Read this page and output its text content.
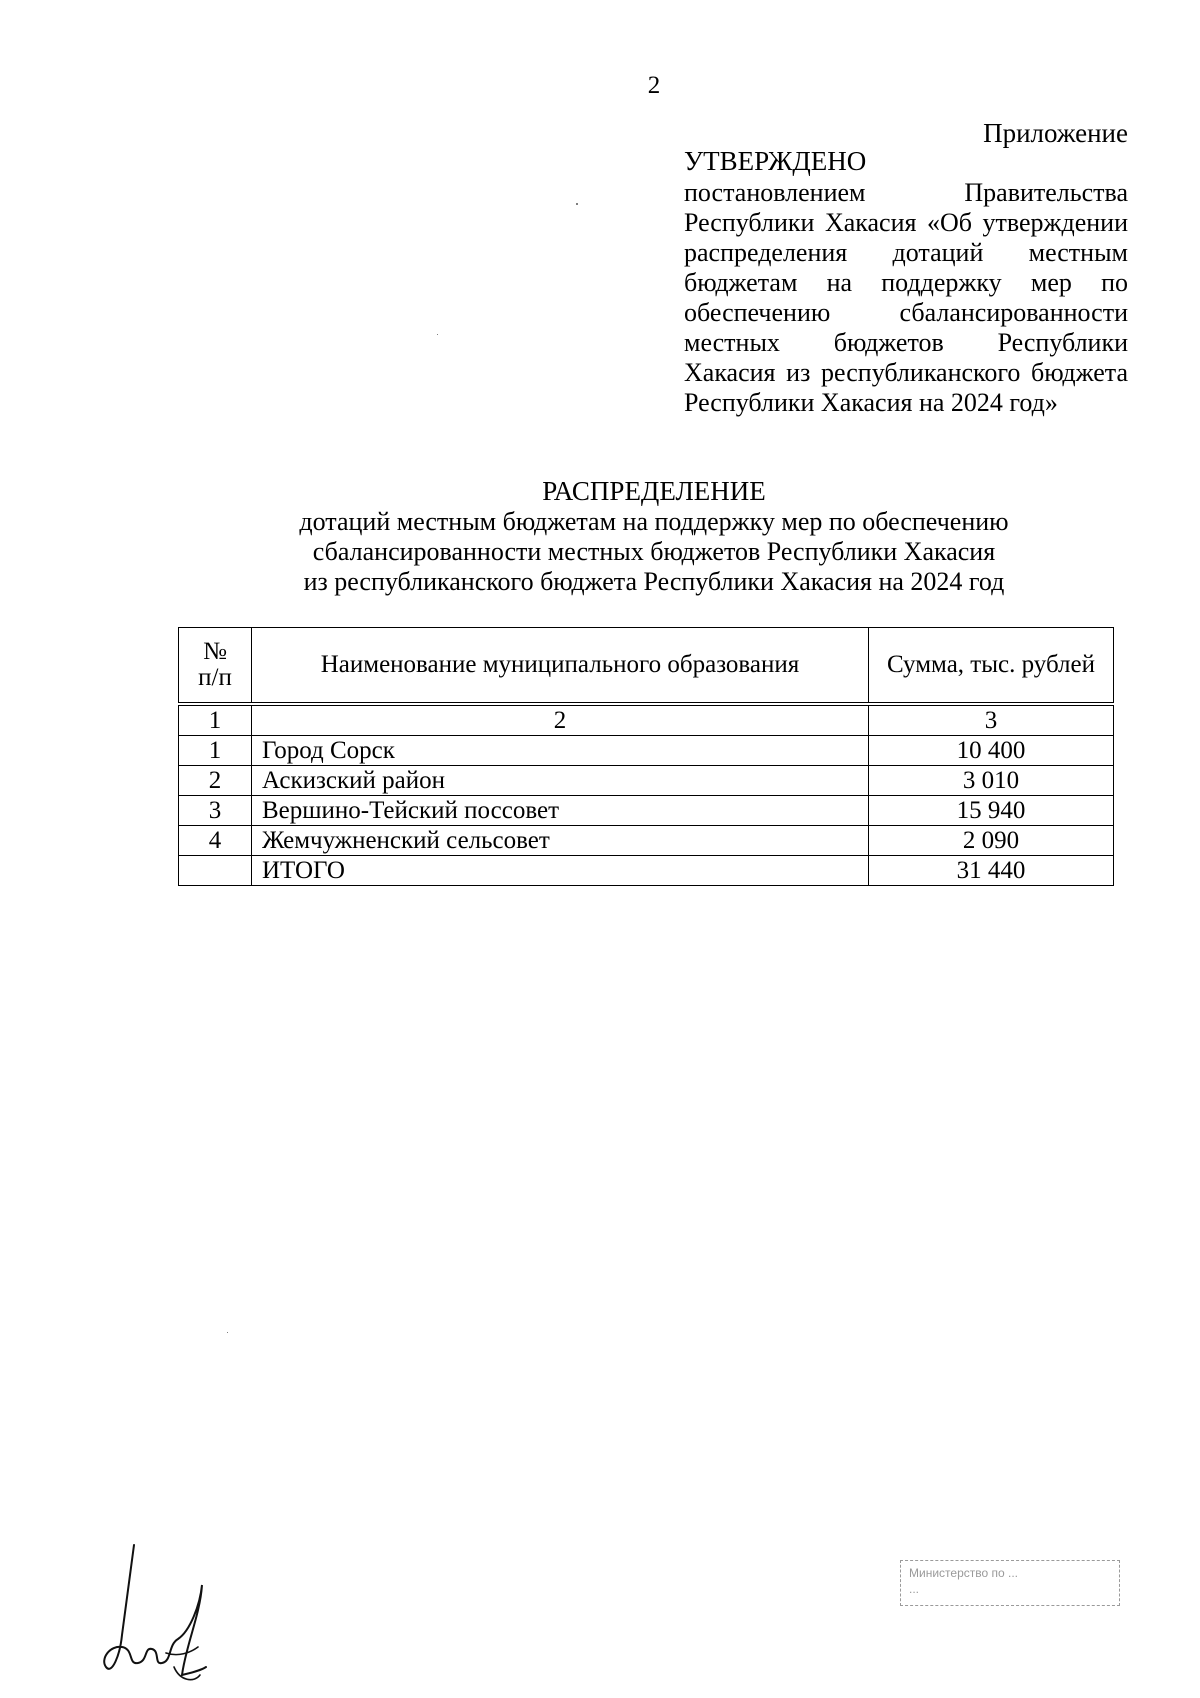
2
Приложение

УТВЕРЖДЕНО

постановлением Правительства Республики Хакасия «Об утверждении распределения дотаций местным бюджетам на поддержку мер по обеспечению сбалансированности местных бюджетов Республики Хакасия из республиканского бюджета Республики Хакасия на 2024 год»

РАСПРЕДЕЛЕНИЕ
дотаций местным бюджетам на поддержку мер по обеспечению
сбалансированности местных бюджетов Республики Хакасия
из республиканского бюджета Республики Хакасия на 2024 год
№
п/п	Наименование муниципального образования	Сумма, тыс. рублей

1	2	3
1	Город Сорск	10 400
2	Аскизский район	3 010
3	Вершино-Тейский поссовет	15 940
4	Жемчужненский сельсовет	2 090
	ИТОГО	31 440
Министерство по ...
...
